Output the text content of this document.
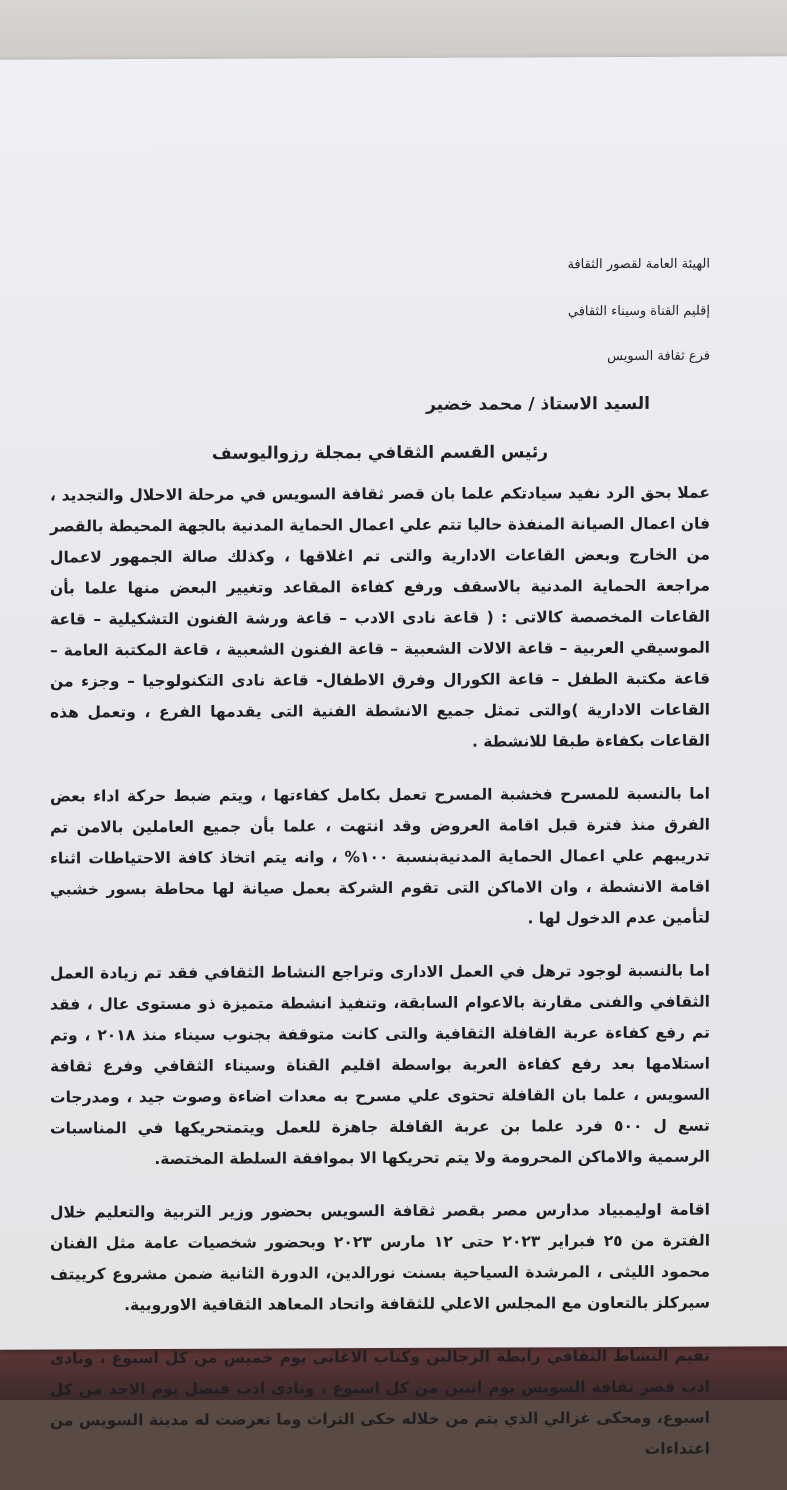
الهيئة العامة لقصور الثقافة
إقليم القناة وسيناء الثقافي
فرع ثقافة السويس
السيد الاستاذ / محمد خضير
رئيس القسم الثقافي بمجلة رزواليوسف

عملا بحق الرد نفيد سيادتكم علما بان قصر ثقافة السويس في مرحلة الاحلال والتجديد ، فان اعمال الصيانة المنفذة حاليا تتم علي اعمال الحماية المدنية بالجهة المحيطة بالقصر من الخارج وبعض القاعات الادارية والتى تم اغلاقها ، وكذلك صالة الجمهور لاعمال مراجعة الحماية المدنية بالاسقف ورفع كفاءة المقاعد وتغيير البعض منها علما بأن القاعات المخصصة كالاتى : ( قاعة نادى الادب – قاعة ورشة الفنون التشكيلية – قاعة الموسيقي العربية – قاعة الالات الشعبية – قاعة الفنون الشعبية ، قاعة المكتبة العامة – قاعة مكتبة الطفل – قاعة الكورال وفرق الاطفال- قاعة نادى التكنولوجيا – وجزء من القاعات الادارية )والتى تمثل جميع الانشطة الفنية التى يقدمها الفرع ، وتعمل هذه القاعات بكفاءة طبقا للانشطة .

اما بالنسبة للمسرح فخشبة المسرح تعمل بكامل كفاءتها ، ويتم ضبط حركة اداء بعض الفرق منذ فترة قبل اقامة العروض وقد انتهت ، علما بأن جميع العاملين بالامن تم تدريبهم علي اعمال الحماية المدنيةبنسبة ١٠٠% ، وانه يتم اتخاذ كافة الاحتياطات اثناء اقامة الانشطة ، وان الاماكن التى تقوم الشركة بعمل صيانة لها محاطة بسور خشبي لتأمين عدم الدخول لها .

اما بالنسبة لوجود ترهل في العمل الادارى وتراجع النشاط الثقافي فقد تم زيادة العمل الثقافي والفنى مقارنة بالاعوام السابقة، وتنفيذ انشطة متميزة ذو مستوى عال ، فقد تم رفع كفاءة عربة القافلة الثقافية والتى كانت متوقفة بجنوب سيناء منذ ٢٠١٨ ، وتم استلامها بعد رفع كفاءة العربة بواسطة اقليم القناة وسيناء الثقافي وفرع ثقافة السويس ، علما بان القافلة تحتوى علي مسرح به معدات اضاءة وصوت جيد ، ومدرجات تسع ل ٥٠٠ فرد علما بن عربة القافلة جاهزة للعمل ويتمتحريكها في المناسبات الرسمية والاماكن المحرومة ولا يتم تحريكها الا بموافقة السلطة المختصة.

اقامة اوليمبياد مدارس مصر بقصر ثقافة السويس بحضور وزير التربية والتعليم خلال الفترة من ٢٥ فبراير ٢٠٢٣ حتى ١٢ مارس ٢٠٢٣ وبحضور شخصيات عامة مثل الفنان محمود الليثى ، المرشدة السياحية بسنت نورالدين، الدورة الثانية ضمن مشروع كرييتف سيركلز بالتعاون مع المجلس الاعلي للثقافة واتحاد المعاهد الثقافية الاوروبية.

تقيم النشاط الثقافي رابطة الزجالين وكتاب الاغانى يوم خميس من كل اسبوع ، ونادى ادب قصر ثقافة السويس يوم اثنين من كل اسبوع ، ونادى ادب فيصل يوم الاحد من كل اسبوع، ومحكى غزالي الذي يتم من خلاله حكى التراث وما تعرضت له مدينة السويس من اعتداءات
